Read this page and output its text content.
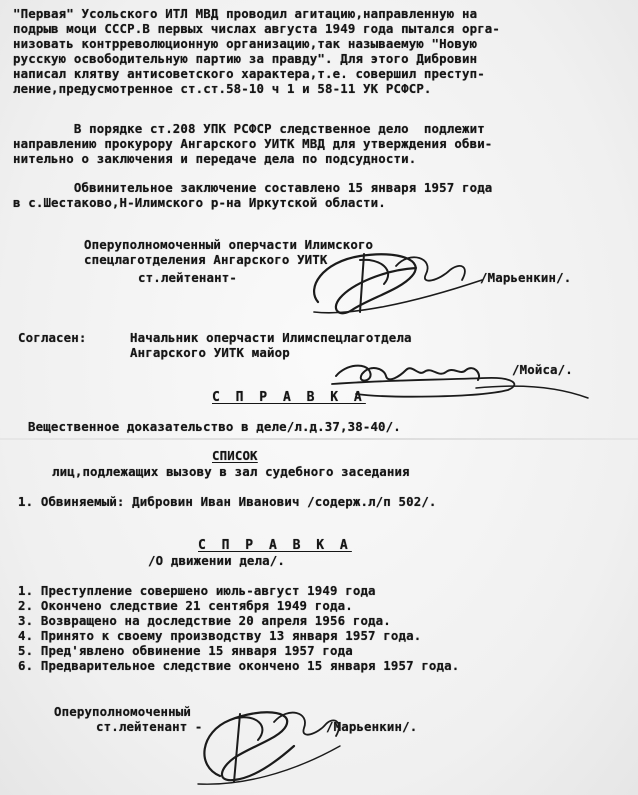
"Первая" Усольского ИТЛ МВД проводил агитацию,направленную на
подрыв моци СССР.В первых числах августа 1949 года пытался орга-
низовать контрреволюционную организацию,так называемую "Новую
русскую освободительную партию за правду". Для этого Дибровин
написал клятву антисоветского характера,т.е. совершил преступ-
ление,предусмотренное ст.ст.58-10 ч 1 и 58-11 УК РСФСР.
В порядке ст.208 УПК РСФСР следственное дело  подлежит
направлению прокурору Ангарского УИТК МВД для утверждения обви-
нительно о заключения и передаче дела по подсудности.
Обвинительное заключение составлено 15 января 1957 года
в с.Шестаково,Н-Илимского р-на Иркутской области.
Оперуполномоченный оперчасти Илимского
спецлаготделения Ангарского УИТК
ст.лейтенант-	/Марьенкин/.
Согласен:	Начальник оперчасти Илимспецлаготдела
Ангарского УИТК майор
/Мойса/.
С П Р А В К А
Вещественное доказательство в деле/л.д.37,38-40/.
СПИСОК
лиц,подлежащих вызову в зал судебного заседания
1. Обвиняемый: Дибровин Иван Иванович /содерж.л/п 502/.
С П Р А В К А
/О движении дела/.
1. Преступление совершено июль-август 1949 года
2. Окончено следствие 21 сентября 1949 года.
3. Возвращено на доследствие 20 апреля 1956 года.
4. Принято к своему производству 13 января 1957 года.
5. Пред'явлено обвинение 15 января 1957 года
6. Предварительное следствие окончено 15 января 1957 года.
Оперуполномоченный
ст.лейтенант -	/Марьенкин/.
